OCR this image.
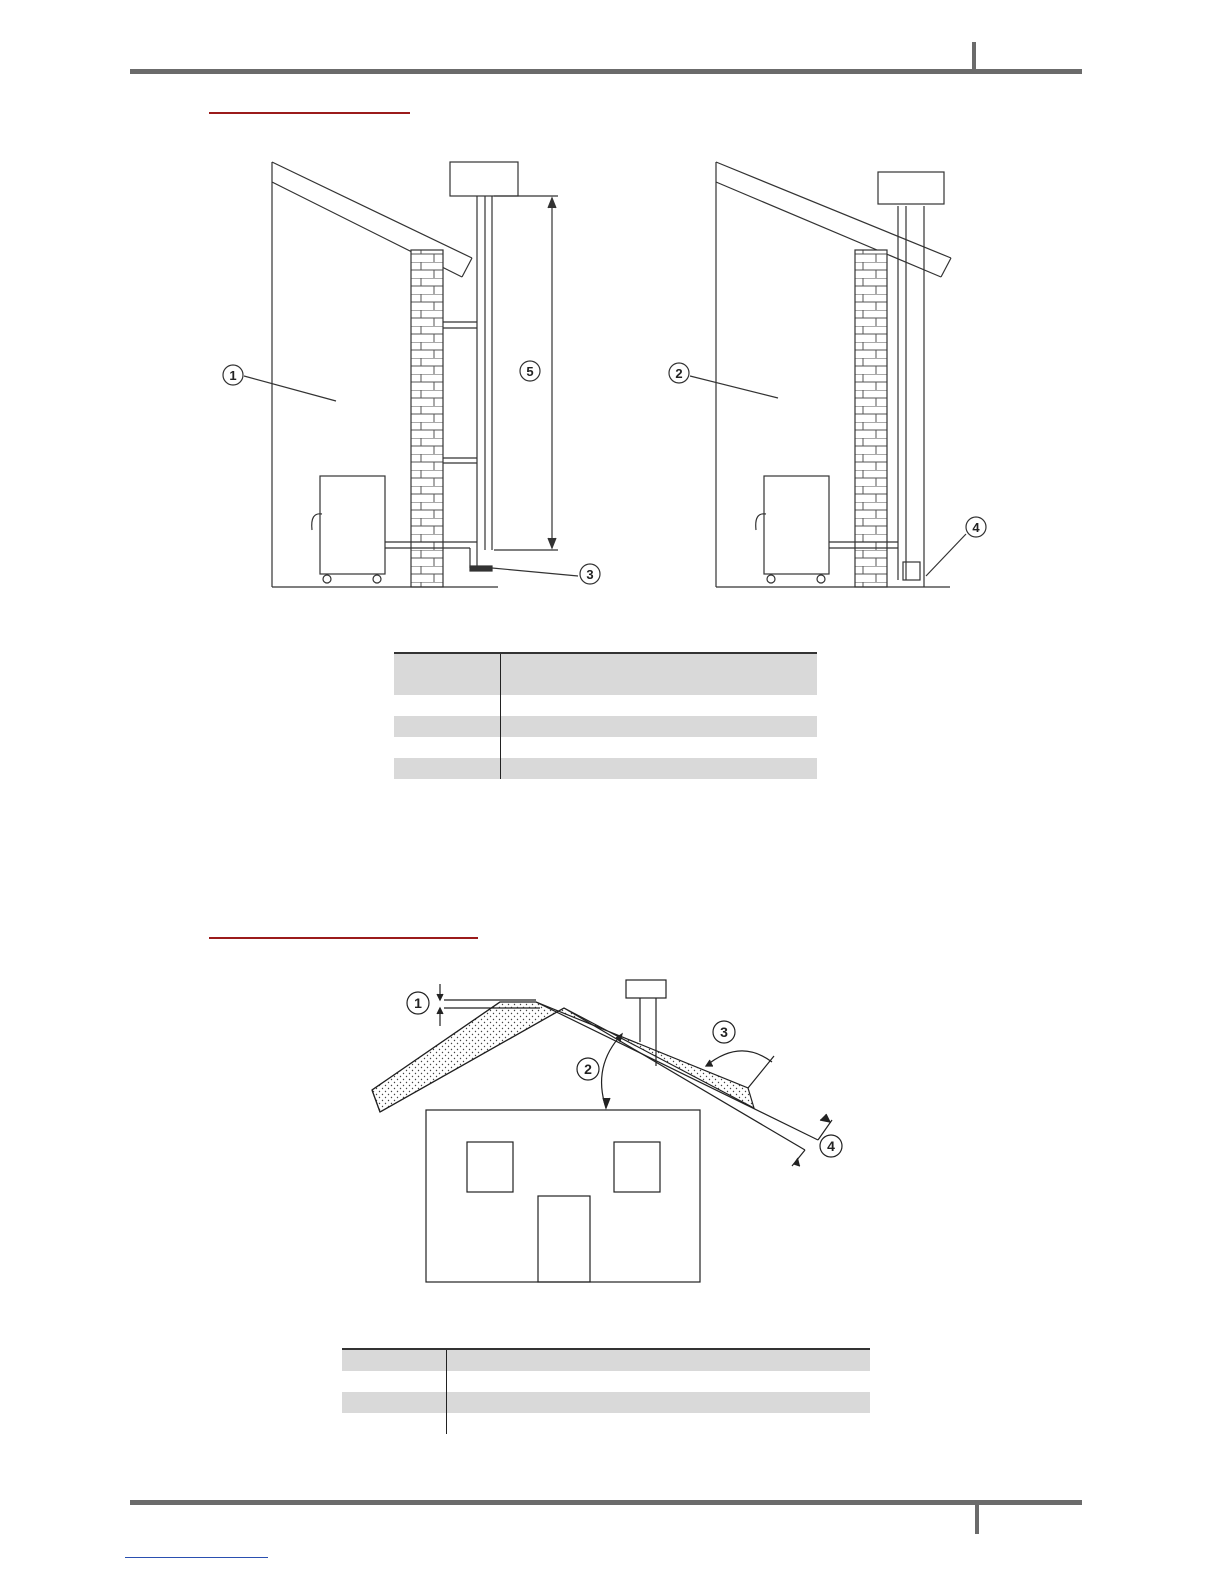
1	5
3
2
4

1
2
3
4
